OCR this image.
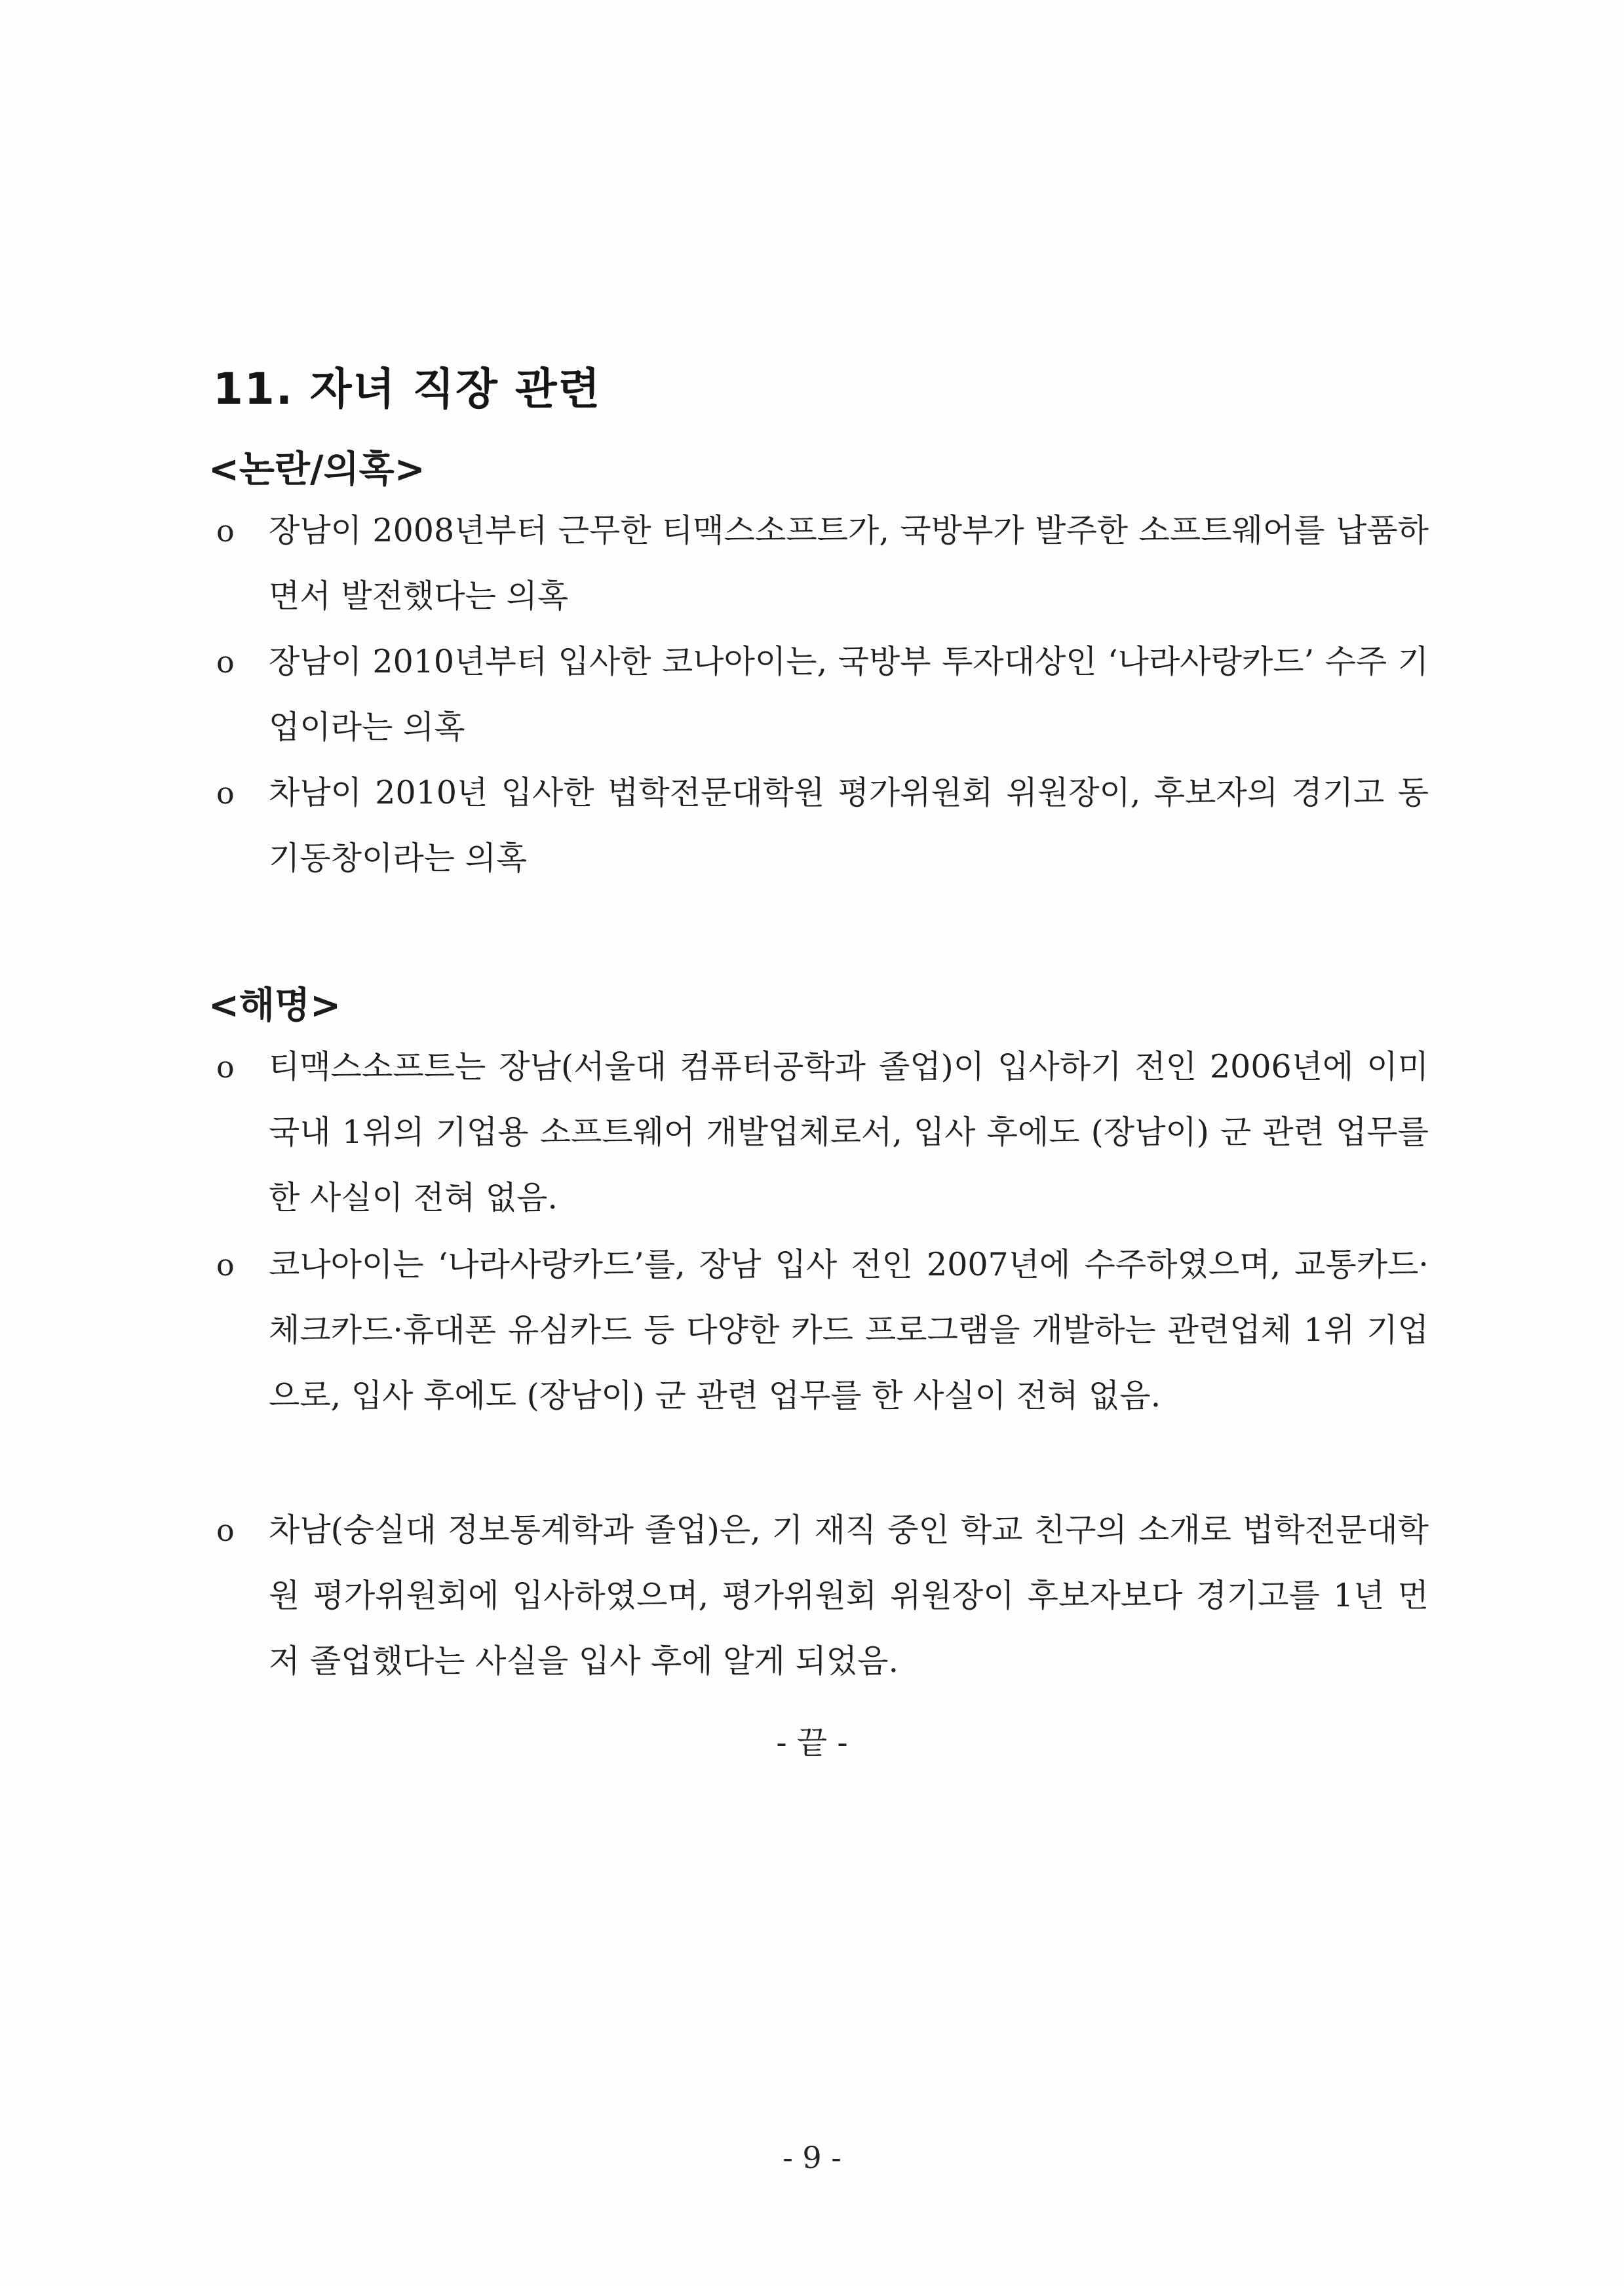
11. 자녀 직장 관련
<논란/의혹>
o 장남이 2008년부터 근무한 티맥스소프트가, 국방부가 발주한 소프트웨어를 납품하면서 발전했다는 의혹
o 장남이 2010년부터 입사한 코나아이는, 국방부 투자대상인 ‘나라사랑카드’ 수주 기업이라는 의혹
o 차남이 2010년 입사한 법학전문대학원 평가위원회 위원장이, 후보자의 경기고 동기동창이라는 의혹
<해명>
o 티맥스소프트는 장남(서울대 컴퓨터공학과 졸업)이 입사하기 전인 2006년에 이미 국내 1위의 기업용 소프트웨어 개발업체로서, 입사 후에도 (장남이) 군 관련 업무를 한 사실이 전혀 없음.
o 코나아이는 ‘나라사랑카드’를, 장남 입사 전인 2007년에 수주하였으며, 교통카드·체크카드·휴대폰 유심카드 등 다양한 카드 프로그램을 개발하는 관련업체 1위 기업으로, 입사 후에도 (장남이) 군 관련 업무를 한 사실이 전혀 없음.
o 차남(숭실대 정보통계학과 졸업)은, 기 재직 중인 학교 친구의 소개로 법학전문대학원 평가위원회에 입사하였으며, 평가위원회 위원장이 후보자보다 경기고를 1년 먼저 졸업했다는 사실을 입사 후에 알게 되었음.
- 끝 -
- 9 -
